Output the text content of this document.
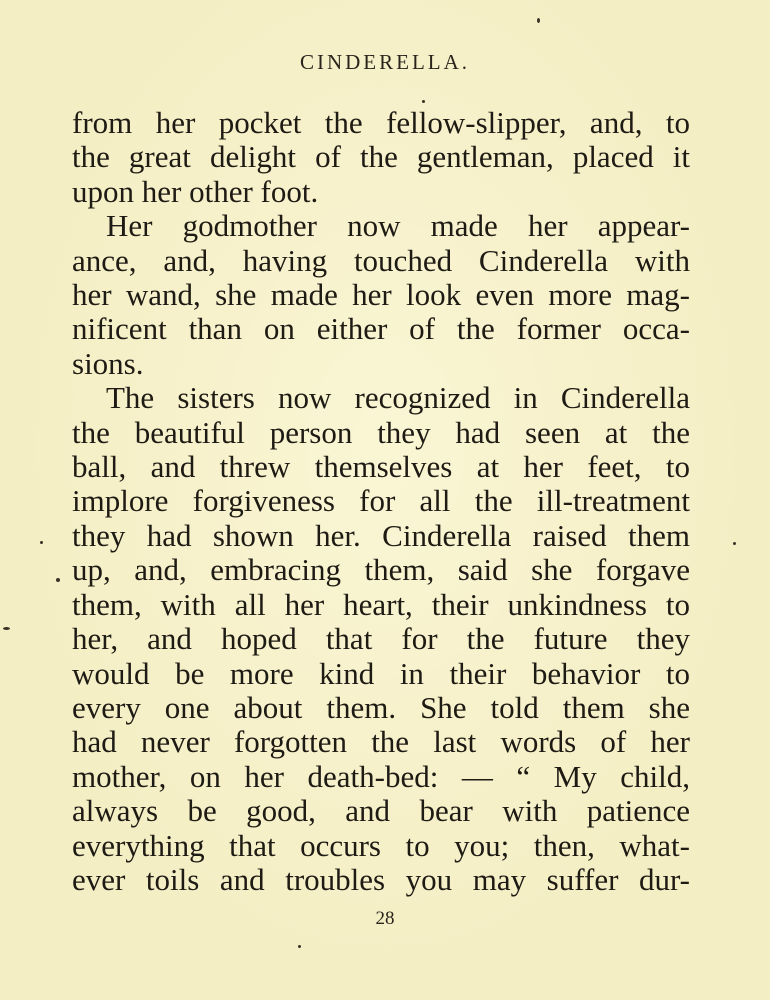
CINDERELLA.
from her pocket the fellow-slipper, and, to
the great delight of the gentleman, placed it
upon her other foot.
Her godmother now made her appear-
ance, and, having touched Cinderella with
her wand, she made her look even more mag-
nificent than on either of the former occa-
sions.
The sisters now recognized in Cinderella
the beautiful person they had seen at the
ball, and threw themselves at her feet, to
implore forgiveness for all the ill-treatment
they had shown her. Cinderella raised them
up, and, embracing them, said she forgave
them, with all her heart, their unkindness to
her, and hoped that for the future they
would be more kind in their behavior to
every one about them. She told them she
had never forgotten the last words of her
mother, on her death-bed: — “ My child,
always be good, and bear with patience
everything that occurs to you; then, what-
ever toils and troubles you may suffer dur-
28
